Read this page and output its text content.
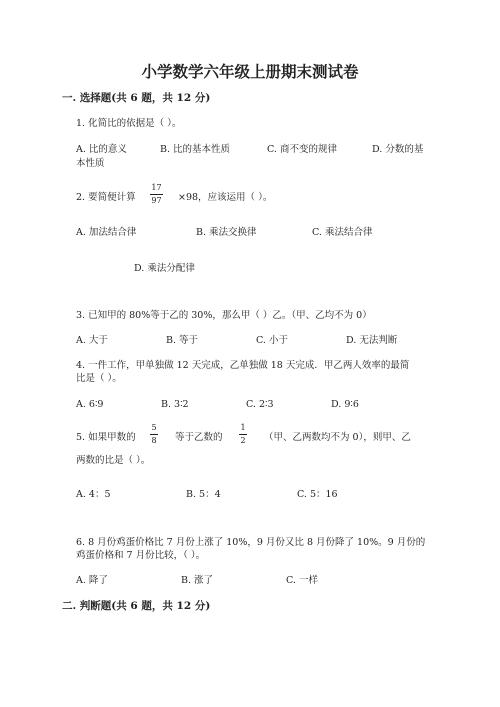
小学数学六年级上册期末测试卷
一. 选择题(共 6 题，共 12 分)
1. 化简比的依据是（ ）。
A. 比的意义	B. 比的基本性质	C. 商不变的规律	D. 分数的基
本性质
2. 要简便计算
17
97 ×98，应该运用（ ）。
A. 加法结合律	B. 乘法交换律	C. 乘法结合律
D. 乘法分配律
3. 已知甲的 80%等于乙的 30%，那么甲（ ）乙。（甲、乙均不为 0）
A. 大于	B. 等于	C. 小于	D. 无法判断
4. 一件工作，甲单独做 12 天完成，乙单独做 18 天完成．甲乙两人效率的最简
比是（ ）。
A. 6∶9	B. 3∶2	C. 2∶3	D. 9∶6
5. 如果甲数的
5
8 等于乙数的
1
2 （甲、乙两数均不为 0），则甲、乙
两数的比是（ ）。
A. 4：5	B. 5：4	C. 5：16
6. 8 月份鸡蛋价格比 7 月份上涨了 10%，9 月份又比 8 月份降了 10%。9 月份的
鸡蛋价格和 7 月份比较，（ ）。
A. 降了	B. 涨了	C. 一样
二. 判断题(共 6 题，共 12 分)
